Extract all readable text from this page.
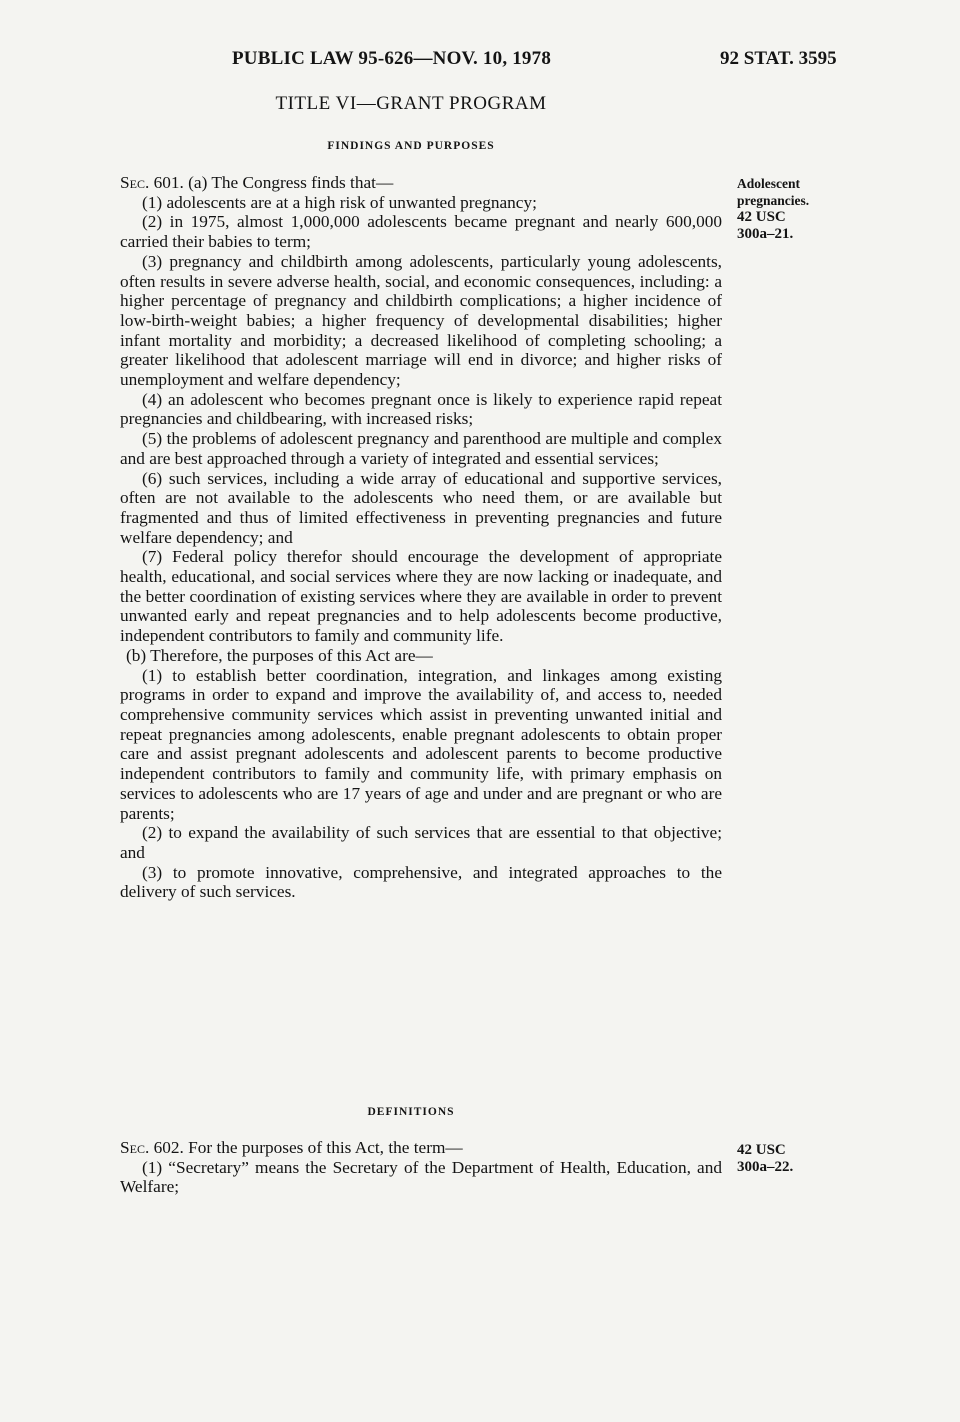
PUBLIC LAW 95-626—NOV. 10, 1978	92 STAT. 3595
TITLE VI—GRANT PROGRAM
FINDINGS AND PURPOSES
Adolescent
pregnancies.
42 USC
300a–21.
Sec. 601. (a) The Congress finds that—
(1) adolescents are at a high risk of unwanted pregnancy;
(2) in 1975, almost 1,000,000 adolescents became pregnant and nearly 600,000 carried their babies to term;
(3) pregnancy and childbirth among adolescents, particularly young adolescents, often results in severe adverse health, social, and economic consequences, including: a higher percentage of pregnancy and childbirth complications; a higher incidence of low-birth-weight babies; a higher frequency of developmental disabilities; higher infant mortality and morbidity; a decreased likelihood of completing schooling; a greater likelihood that adolescent marriage will end in divorce; and higher risks of unemployment and welfare dependency;
(4) an adolescent who becomes pregnant once is likely to experience rapid repeat pregnancies and childbearing, with increased risks;
(5) the problems of adolescent pregnancy and parenthood are multiple and complex and are best approached through a variety of integrated and essential services;
(6) such services, including a wide array of educational and supportive services, often are not available to the adolescents who need them, or are available but fragmented and thus of limited effectiveness in preventing pregnancies and future welfare dependency; and
(7) Federal policy therefor should encourage the development of appropriate health, educational, and social services where they are now lacking or inadequate, and the better coordination of existing services where they are available in order to prevent unwanted early and repeat pregnancies and to help adolescents become productive, independent contributors to family and community life.
(b) Therefore, the purposes of this Act are—
(1) to establish better coordination, integration, and linkages among existing programs in order to expand and improve the availability of, and access to, needed comprehensive community services which assist in preventing unwanted initial and repeat pregnancies among adolescents, enable pregnant adolescents to obtain proper care and assist pregnant adolescents and adolescent parents to become productive independent contributors to family and community life, with primary emphasis on services to adolescents who are 17 years of age and under and are pregnant or who are parents;
(2) to expand the availability of such services that are essential to that objective; and
(3) to promote innovative, comprehensive, and integrated approaches to the delivery of such services.
DEFINITIONS
42 USC
300a–22.
Sec. 602. For the purposes of this Act, the term—
(1) “Secretary” means the Secretary of the Department of Health, Education, and Welfare;
